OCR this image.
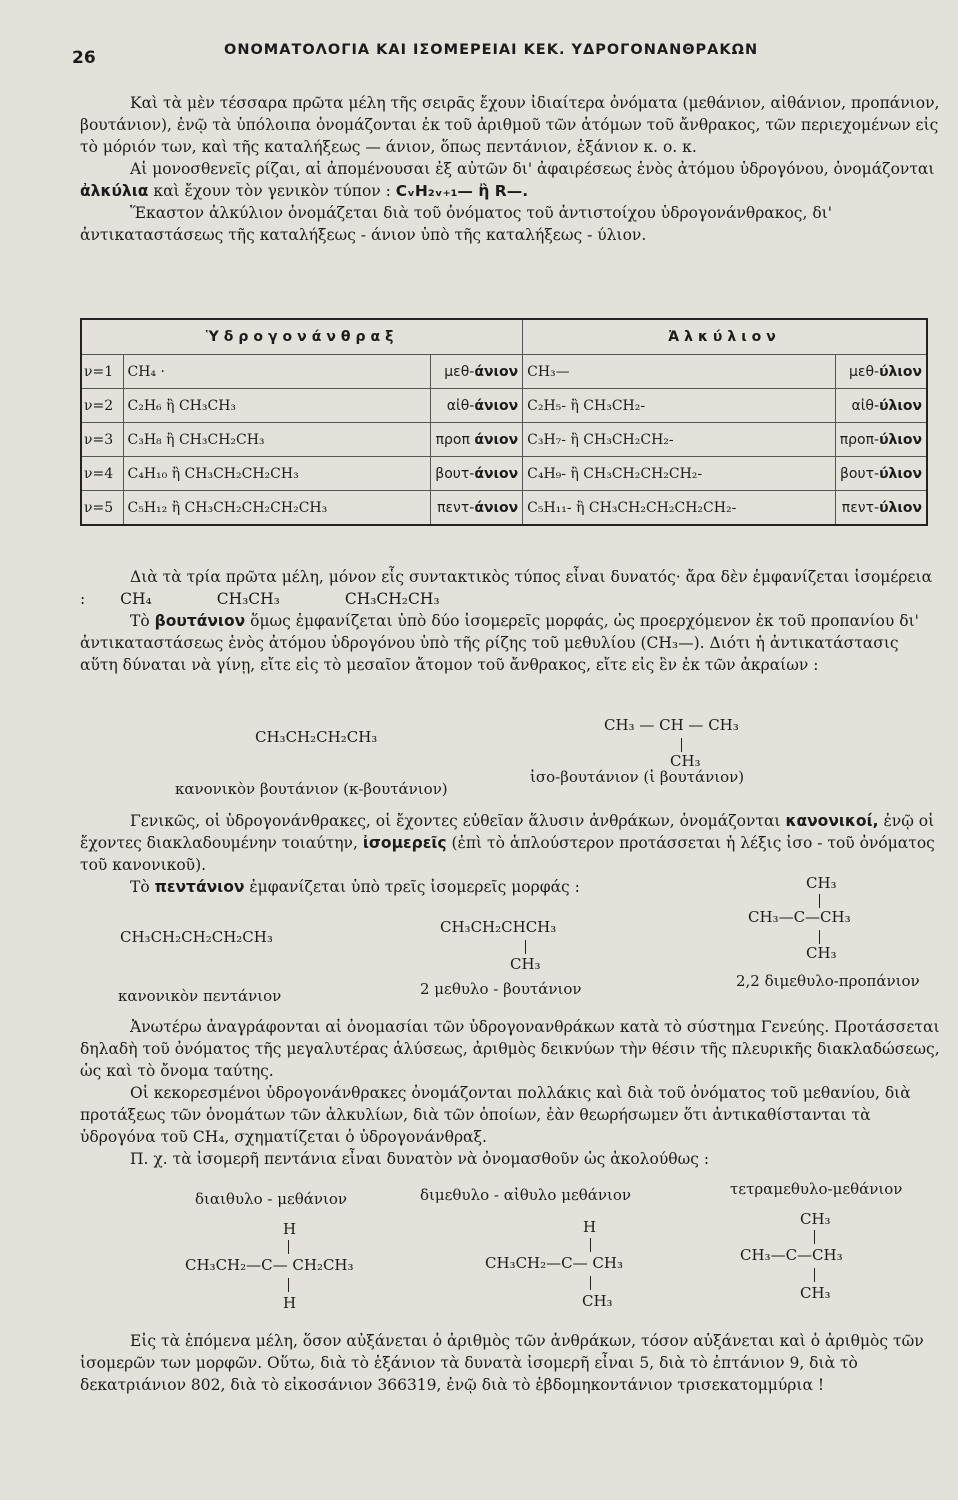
26	ΟΝΟΜΑΤΟΛΟΓΙΑ ΚΑΙ ΙΣΟΜΕΡΕΙΑΙ ΚΕΚ. ΥΔΡΟΓΟΝΑΝΘΡΑΚΩΝ

Καὶ τὰ μὲν τέσσαρα πρῶτα μέλη τῆς σειρᾶς ἔχουν ἰδιαίτερα ὀνόματα (μεθάνιον, αἰθάνιον, προπάνιον, βουτάνιον), ἐνῷ τὰ ὑπόλοιπα ὀνομάζονται ἐκ τοῦ ἀριθμοῦ τῶν ἀτόμων τοῦ ἄνθρακος, τῶν περιεχομένων εἰς τὸ μόριόν των, καὶ τῆς καταλήξεως — άνιον, ὅπως πεντάνιον, ἑξάνιον κ. ο. κ.

Αἱ μονοσθενεῖς ρίζαι, αἱ ἀπομένουσαι ἐξ αὐτῶν δι' ἀφαιρέσεως ἑνὸς ἀτόμου ὑδρογόνου, ὀνομάζονται ἀλκύλια καὶ ἔχουν τὸν γενικὸν τύπον : CᵥH₂ᵥ₊₁— ἢ R—.

Ἕκαστον ἀλκύλιον ὀνομάζεται διὰ τοῦ ὀνόματος τοῦ ἀντιστοίχου ὑδρογονάνθρακος, δι' ἀντικαταστάσεως τῆς καταλήξεως - άνιον ὑπὸ τῆς καταλήξεως - ύλιον.

Ὑδρογονάνθραξ			Ἀλκύλιον	
ν=1	CH₄ ·	μεθ-άνιον	CH₃—	μεθ-ύλιον
ν=2	C₂H₆ ἢ CH₃CH₃	αἰθ-άνιον	C₂H₅- ἢ CH₃CH₂-	αἰθ-ύλιον
ν=3	C₃H₈ ἢ CH₃CH₂CH₃	προπ άνιον	C₃H₇- ἢ CH₃CH₂CH₂-	προπ-ύλιον
ν=4	C₄H₁₀ ἢ CH₃CH₂CH₂CH₃	βουτ-άνιον	C₄H₉- ἢ CH₃CH₂CH₂CH₂-	βουτ-ύλιον
ν=5	C₅H₁₂ ἢ CH₃CH₂CH₂CH₂CH₃	πεντ-άνιον	C₅H₁₁- ἢ CH₃CH₂CH₂CH₂CH₂-	πεντ-ύλιον

Διὰ τὰ τρία πρῶτα μέλη, μόνον εἷς συντακτικὸς τύπος εἶναι δυνατός· ἄρα δὲν ἐμφανίζεται ἰσομέρεια : CH₄	CH₃CH₃	CH₃CH₂CH₃

Τὸ βουτάνιον ὅμως ἐμφανίζεται ὑπὸ δύο ἰσομερεῖς μορφάς, ὡς προερχόμενον ἐκ τοῦ προπανίου δι' ἀντικαταστάσεως ἑνὸς ἀτόμου ὑδρογόνου ὑπὸ τῆς ρίζης τοῦ μεθυλίου (CH₃—). Διότι ἡ ἀντικατάστασις αὕτη δύναται νὰ γίνῃ, εἴτε εἰς τὸ μεσαῖον ἄτομον τοῦ ἄνθρακος, εἴτε εἰς ἓν ἐκ τῶν ἀκραίων :

CH₃CH₂CH₂CH₃
CH₃ — CH — CH₃
CH₃
κανονικὸν βουτάνιον (κ-βουτάνιον)
ἰσο-βουτάνιον (ἰ βουτάνιον)

Γενικῶς, οἱ ὑδρογονάνθρακες, οἱ ἔχοντες εὐθεῖαν ἅλυσιν ἀνθράκων, ὀνομάζονται κανονικοί, ἐνῷ οἱ ἔχοντες διακλαδουμένην τοιαύτην, ἰσομερεῖς (ἐπὶ τὸ ἁπλούστερον προτάσσεται ἡ λέξις ἰσο - τοῦ ὀνόματος τοῦ κανονικοῦ).

Τὸ πεντάνιον ἐμφανίζεται ὑπὸ τρεῖς ἰσομερεῖς μορφάς :

CH₃CH₂CH₂CH₂CH₃
CH₃CH₂CHCH₃
CH₃
CH₃
CH₃—C—CH₃
CH₃
κανονικὸν πεντάνιον	2 μεθυλο - βουτάνιον	2,2 διμεθυλο-προπάνιον

Ἀνωτέρω ἀναγράφονται αἱ ὀνομασίαι τῶν ὑδρογονανθράκων κατὰ τὸ σύστημα Γενεύης. Προτάσσεται δηλαδὴ τοῦ ὀνόματος τῆς μεγαλυτέρας ἁλύσεως, ἀριθμὸς δεικνύων τὴν θέσιν τῆς πλευρικῆς διακλαδώσεως, ὡς καὶ τὸ ὄνομα ταύτης.

Οἱ κεκορεσμένοι ὑδρογονάνθρακες ὀνομάζονται πολλάκις καὶ διὰ τοῦ ὀνόματος τοῦ μεθανίου, διὰ προτάξεως τῶν ὀνομάτων τῶν ἀλκυλίων, διὰ τῶν ὁποίων, ἐὰν θεωρήσωμεν ὅτι ἀντικαθίστανται τὰ ὑδρογόνα τοῦ CH₄, σχηματίζεται ὁ ὑδρογονάνθραξ.

Π. χ. τὰ ἰσομερῆ πεντάνια εἶναι δυνατὸν νὰ ὀνομασθοῦν ὡς ἀκολούθως :

διαιθυλο - μεθάνιον	διμεθυλο - αἰθυλο μεθάνιον	τετραμεθυλο-μεθάνιον
H
CH₃CH₂—C— CH₂CH₃
H
H
CH₃CH₂—C— CH₃
CH₃
CH₃
CH₃—C—CH₃
CH₃

Εἰς τὰ ἑπόμενα μέλη, ὅσον αὐξάνεται ὁ ἀριθμὸς τῶν ἀνθράκων, τόσον αὐξάνεται καὶ ὁ ἀριθμὸς τῶν ἰσομερῶν των μορφῶν. Οὕτω, διὰ τὸ ἑξάνιον τὰ δυνατὰ ἰσομερῆ εἶναι 5, διὰ τὸ ἑπτάνιον 9, διὰ τὸ δεκατριάνιον 802, διὰ τὸ εἰκοσάνιον 366319, ἐνῷ διὰ τὸ ἑβδομηκοντάνιον τρισεκατομμύρια !
